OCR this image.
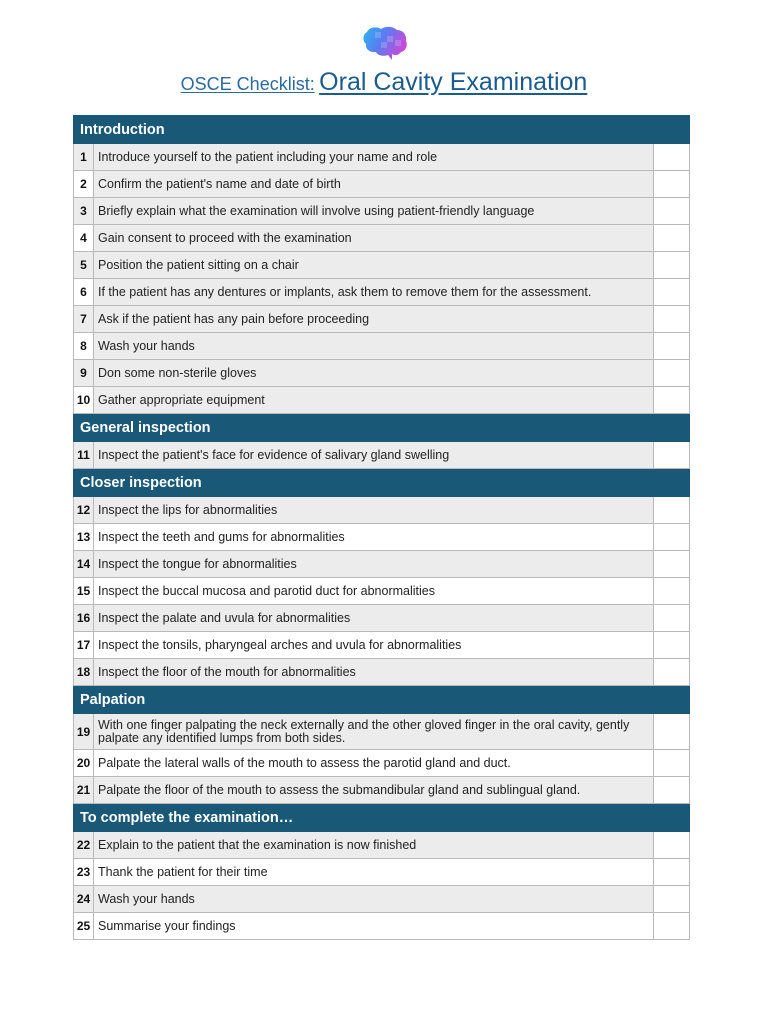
OSCE Checklist: Oral Cavity Examination
Introduction		
1	Introduce yourself to the patient including your name and role	
2	Confirm the patient's name and date of birth	
3	Briefly explain what the examination will involve using patient-friendly language	
4	Gain consent to proceed with the examination	
5	Position the patient sitting on a chair	
6	If the patient has any dentures or implants, ask them to remove them for the assessment.	
7	Ask if the patient has any pain before proceeding	
8	Wash your hands	
9	Don some non-sterile gloves	
10	Gather appropriate equipment	
General inspection		
11	Inspect the patient's face for evidence of salivary gland swelling	
Closer inspection		
12	Inspect the lips for abnormalities	
13	Inspect the teeth and gums for abnormalities	
14	Inspect the tongue for abnormalities	
15	Inspect the buccal mucosa and parotid duct for abnormalities	
16	Inspect the palate and uvula for abnormalities	
17	Inspect the tonsils, pharyngeal arches and uvula for abnormalities	
18	Inspect the floor of the mouth for abnormalities	
Palpation		
19	With one finger palpating the neck externally and the other gloved finger in the oral cavity, gently palpate any identified lumps from both sides.	
20	Palpate the lateral walls of the mouth to assess the parotid gland and duct.	
21	Palpate the floor of the mouth to assess the submandibular gland and sublingual gland.	
To complete the examination…		
22	Explain to the patient that the examination is now finished	
23	Thank the patient for their time	
24	Wash your hands	
25	Summarise your findings	
